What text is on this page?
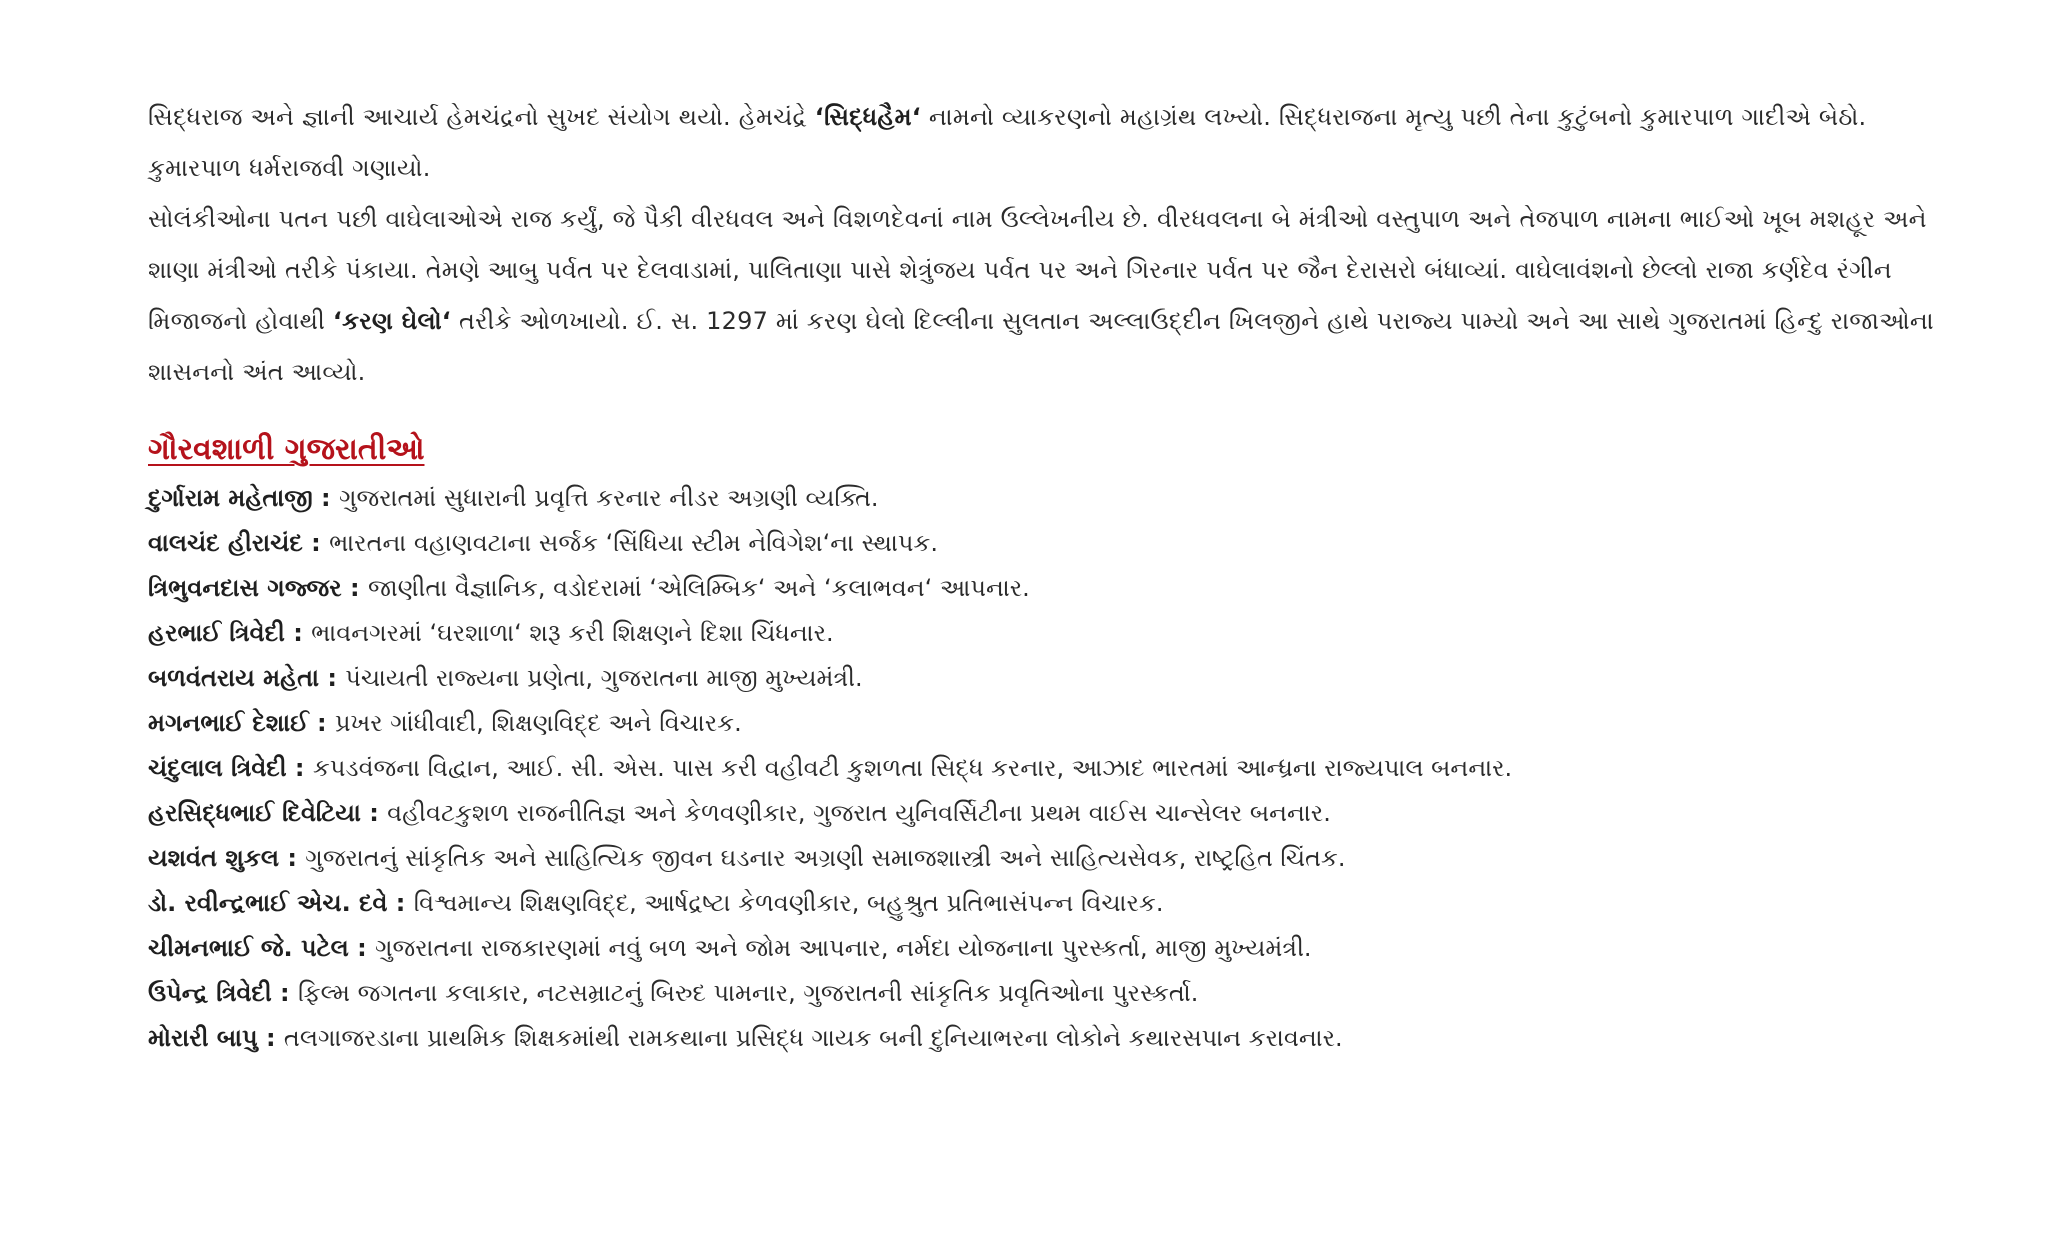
સિદ્ધરાજ અને જ્ઞાની આચાર્ય હેમચંદ્રનો સુખદ સંયોગ થયો. હેમચંદ્રે ‘સિદ્ધહૈમ‘ નામનો વ્યાકરણનો મહાગ્રંથ લખ્યો. સિદ્ધરાજના મૃત્યુ પછી તેના કુટુંબનો કુમારપાળ ગાદીએ બેઠો. કુમારપાળ ધર્મરાજવી ગણાયો.

સોલંકીઓના પતન પછી વાઘેલાઓએ રાજ કર્યું, જે પૈકી વીરધવલ અને વિશળદેવનાં નામ ઉલ્લેખનીય છે. વીરધવલના બે મંત્રીઓ વસ્તુપાળ અને તેજપાળ નામના ભાઈઓ ખૂબ મશહૂર અને શાણા મંત્રીઓ તરીકે પંકાયા. તેમણે આબુ પર્વત પર દેલવાડામાં, પાલિતાણા પાસે શેત્રુંજય પર્વત પર અને ગિરનાર પર્વત પર જૈન દેરાસરો બંધાવ્યાં. વાઘેલાવંશનો છેલ્લો રાજા કર્ણદેવ રંગીન મિજાજનો હોવાથી ‘કરણ ઘેલો‘ તરીકે ઓળખાયો. ઈ. સ. 1297 માં કરણ ઘેલો દિલ્લીના સુલતાન અલ્લાઉદ્દીન ખિલજીને હાથે પરાજ્ય પામ્યો અને આ સાથે ગુજરાતમાં હિન્દુ રાજાઓના શાસનનો અંત આવ્યો.

ગૌરવશાળી ગુજરાતીઓ
દુર્ગારામ મહેતાજી : ગુજરાતમાં સુધારાની પ્રવૃત્તિ કરનાર નીડર અગ્રણી વ્યક્તિ.
વાલચંદ હીરાચંદ : ભારતના વહાણવટાના સર્જક ‘સિંધિયા સ્ટીમ નેવિગેશ‘ના સ્થાપક.
ત્રિભુવનદાસ ગજ્જર : જાણીતા વૈજ્ઞાનિક, વડોદરામાં ‘એલિમ્બિક‘ અને ‘કલાભવન‘ આપનાર.
હરભાઈ ત્રિવેદી : ભાવનગરમાં ‘ઘરશાળા‘ શરૂ કરી શિક્ષણને દિશા ચિંધનાર.
બળવંતરાય મહેતા : પંચાયતી રાજ્યના પ્રણેતા, ગુજરાતના માજી મુખ્યમંત્રી.
મગનભાઈ દેશાઈ : પ્રખર ગાંધીવાદી, શિક્ષણવિદ્દ અને વિચારક.
ચંદુલાલ ત્રિવેદી : કપડવંજના વિદ્વાન, આઈ. સી. એસ. પાસ કરી વહીવટી કુશળતા સિદ્ધ કરનાર, આઝાદ ભારતમાં આન્ધ્રના રાજ્યપાલ બનનાર.
હરસિદ્ધભાઈ દિવેટિયા : વહીવટકુશળ રાજનીતિજ્ઞ અને કેળવણીકાર, ગુજરાત યુનિવર્સિટીના પ્રથમ વાઈસ ચાન્સેલર બનનાર.
યશવંત શુકલ : ગુજરાતનું સાંકૃતિક અને સાહિત્યિક જીવન ઘડનાર અગ્રણી સમાજશાસ્ત્રી અને સાહિત્યસેવક, રાષ્ટ્રહિત ચિંતક.
ડો. રવીન્દ્રભાઈ એચ. દવે : વિશ્વમાન્ય શિક્ષણવિદ્દ, આર્ષદ્રષ્ટા કેળવણીકાર, બહુશ્રુત પ્રતિભાસંપન્ન વિચારક.
ચીમનભાઈ જે. પટેલ : ગુજરાતના રાજકારણમાં નવું બળ અને જોમ આપનાર, નર્મદા યોજનાના પુરસ્કર્તા, માજી મુખ્યમંત્રી.
ઉપેન્દ્ર ત્રિવેદી : ફિલ્મ જગતના કલાકાર, નટસમ્રાટનું બિરુદ પામનાર, ગુજરાતની સાંકૃતિક પ્રવૃતિઓના પુરસ્કર્તા.
મોરારી બાપુ : તલગાજરડાના પ્રાથમિક શિક્ષકમાંથી રામકથાના પ્રસિદ્ધ ગાયક બની દુનિયાભરના લોકોને કથારસપાન કરાવનાર.
